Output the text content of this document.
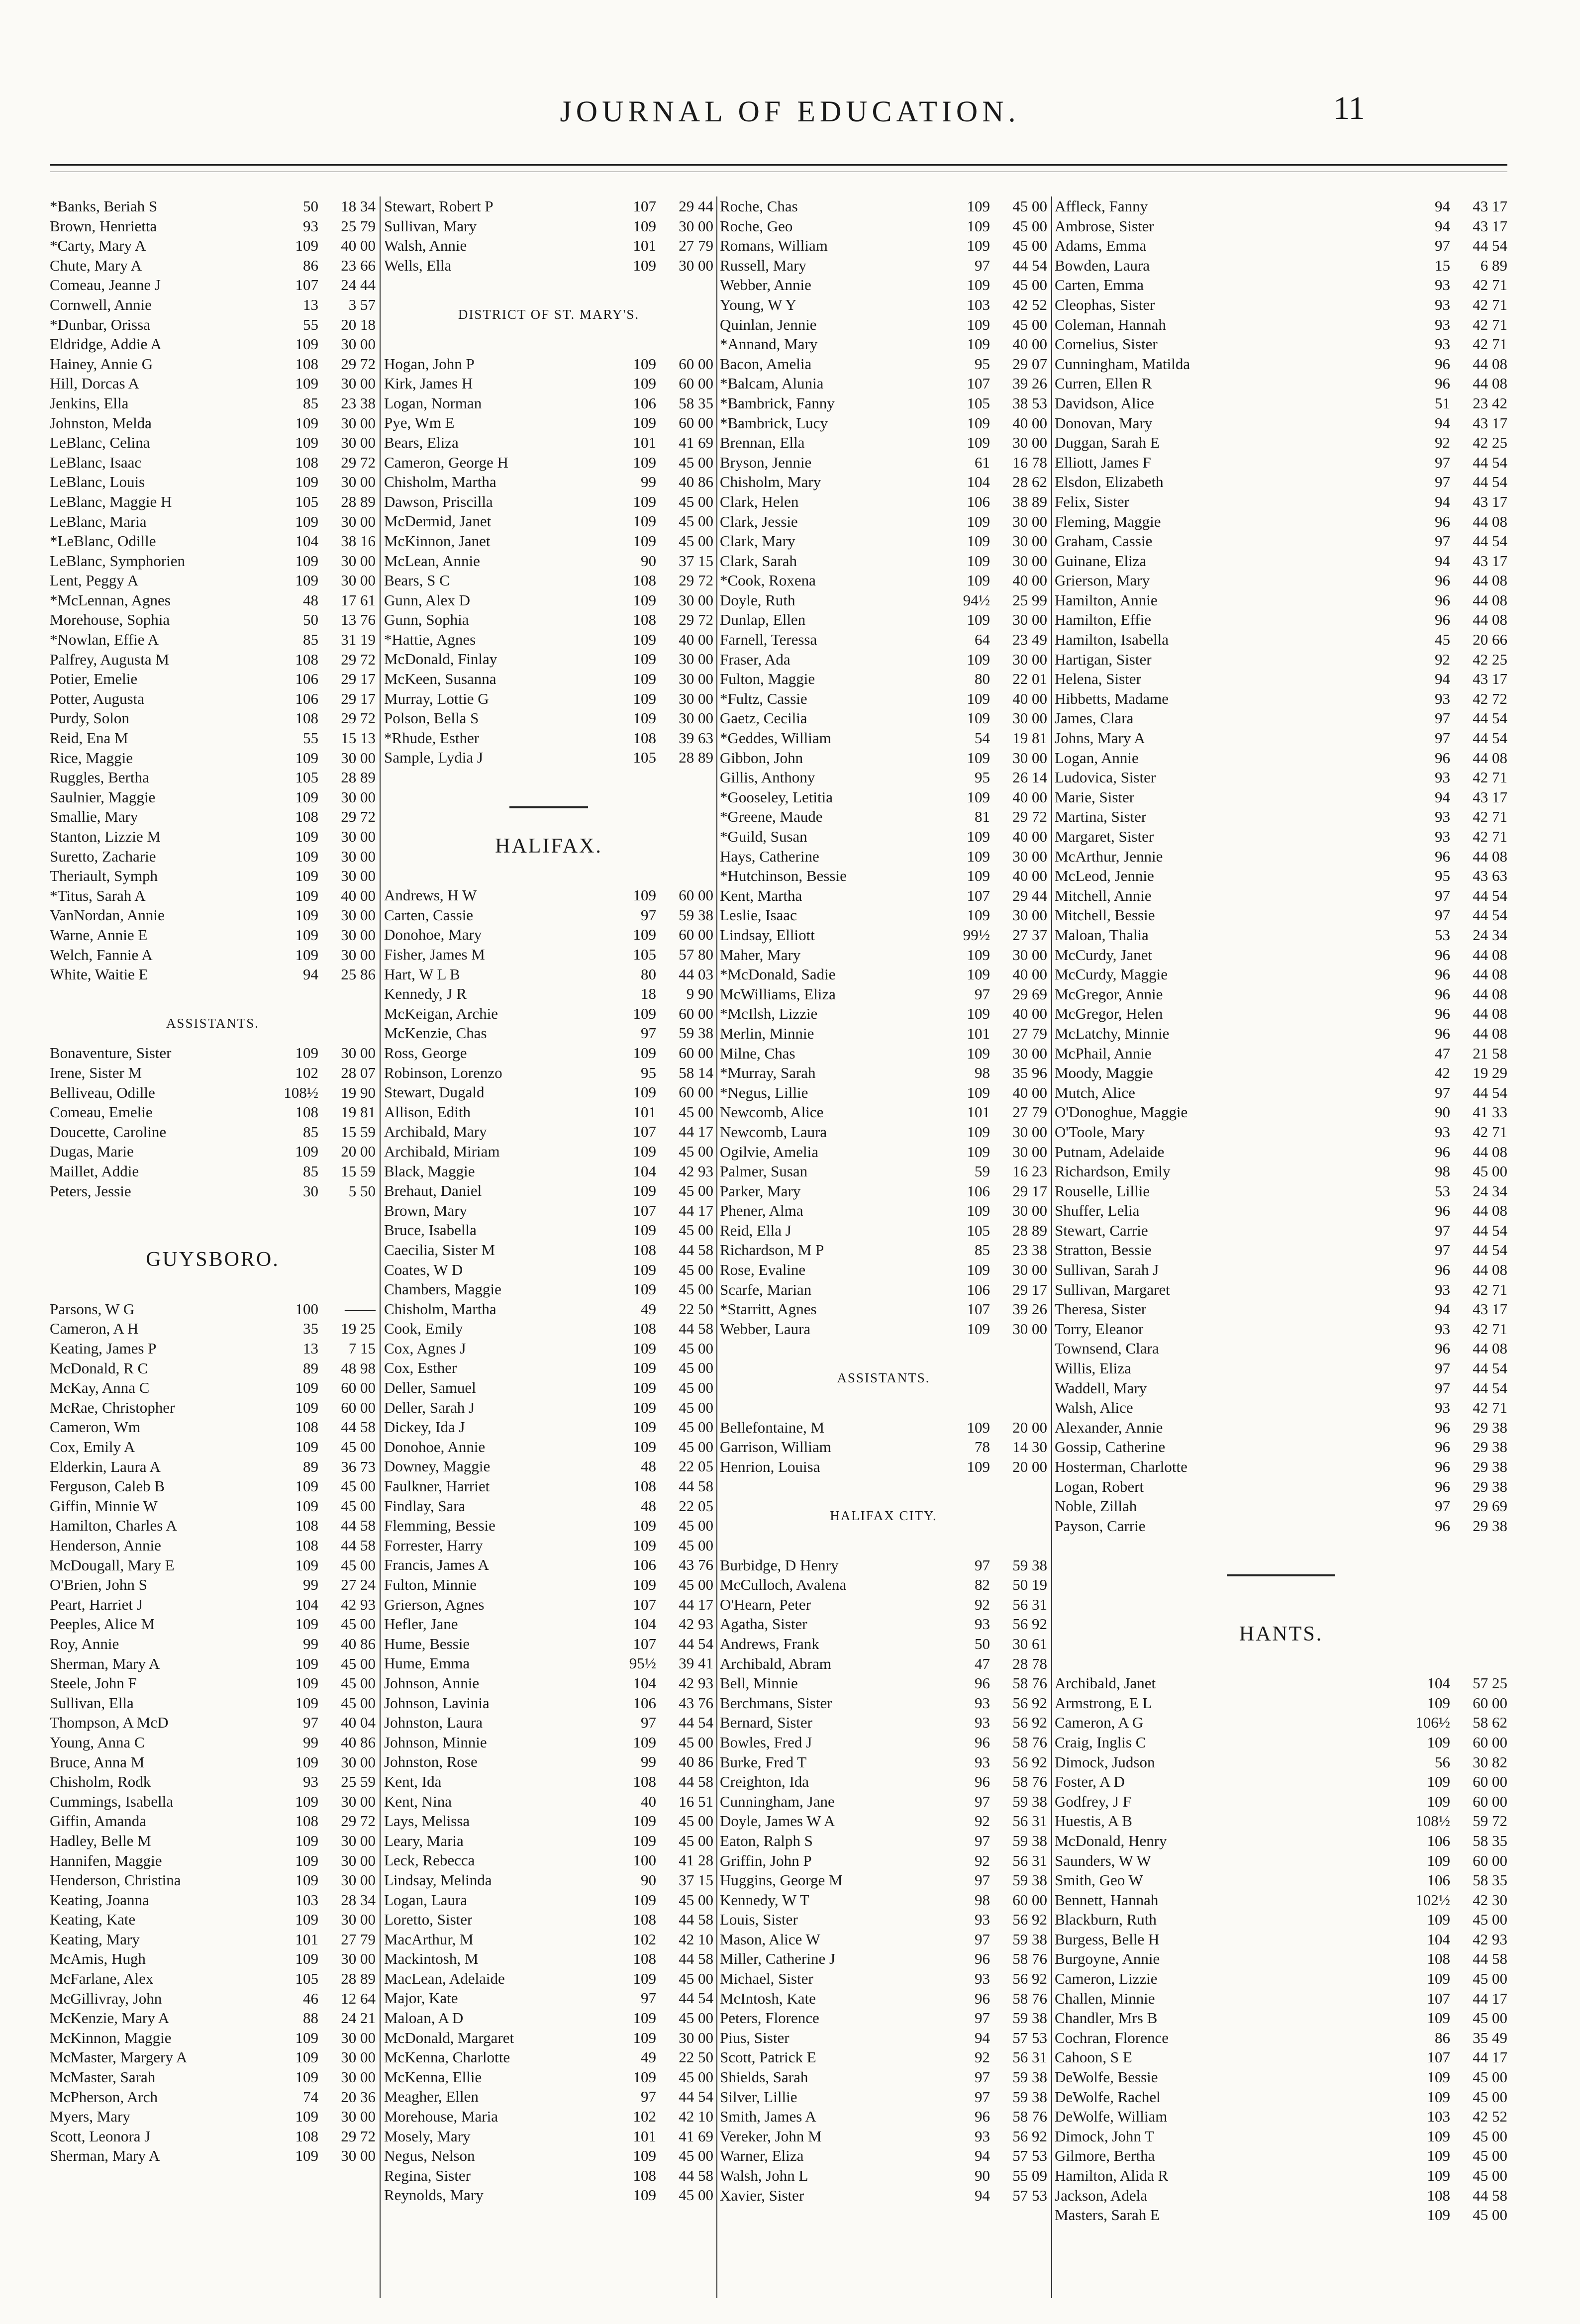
JOURNAL OF EDUCATION.	11
*Banks, Beriah S	50	18 34
Brown, Henrietta	93	25 79
*Carty, Mary A	109	40 00
Chute, Mary A	86	23 66
Comeau, Jeanne J	107	24 44
Cornwell, Annie	13	3 57
*Dunbar, Orissa	55	20 18
Eldridge, Addie A	109	30 00
Hainey, Annie G	108	29 72
Hill, Dorcas A	109	30 00
Jenkins, Ella	85	23 38
Johnston, Melda	109	30 00
LeBlanc, Celina	109	30 00
LeBlanc, Isaac	108	29 72
LeBlanc, Louis	109	30 00
LeBlanc, Maggie H	105	28 89
LeBlanc, Maria	109	30 00
*LeBlanc, Odille	104	38 16
LeBlanc, Symphorien	109	30 00
Lent, Peggy A	109	30 00
*McLennan, Agnes	48	17 61
Morehouse, Sophia	50	13 76
*Nowlan, Effie A	85	31 19
Palfrey, Augusta M	108	29 72
Potier, Emelie	106	29 17
Potter, Augusta	106	29 17
Purdy, Solon	108	29 72
Reid, Ena M	55	15 13
Rice, Maggie	109	30 00
Ruggles, Bertha	105	28 89
Saulnier, Maggie	109	30 00
Smallie, Mary	108	29 72
Stanton, Lizzie M	109	30 00
Suretto, Zacharie	109	30 00
Theriault, Symph	109	30 00
*Titus, Sarah A	109	40 00
VanNordan, Annie	109	30 00
Warne, Annie E	109	30 00
Welch, Fannie A	109	30 00
White, Waitie E	94	25 86
ASSISTANTS.
Bonaventure, Sister	109	30 00
Irene, Sister M	102	28 07
Belliveau, Odille	108½	19 90
Comeau, Emelie	108	19 81
Doucette, Caroline	85	15 59
Dugas, Marie	109	20 00
Maillet, Addie	85	15 59
Peters, Jessie	30	5 50
GUYSBORO.
Parsons, W G	100	——
Cameron, A H	35	19 25
Keating, James P	13	7 15
McDonald, R C	89	48 98
McKay, Anna C	109	60 00
McRae, Christopher	109	60 00
Cameron, Wm	108	44 58
Cox, Emily A	109	45 00
Elderkin, Laura A	89	36 73
Ferguson, Caleb B	109	45 00
Giffin, Minnie W	109	45 00
Hamilton, Charles A	108	44 58
Henderson, Annie	108	44 58
McDougall, Mary E	109	45 00
O'Brien, John S	99	27 24
Peart, Harriet J	104	42 93
Peeples, Alice M	109	45 00
Roy, Annie	99	40 86
Sherman, Mary A	109	45 00
Steele, John F	109	45 00
Sullivan, Ella	109	45 00
Thompson, A McD	97	40 04
Young, Anna C	99	40 86
Bruce, Anna M	109	30 00
Chisholm, Rodk	93	25 59
Cummings, Isabella	109	30 00
Giffin, Amanda	108	29 72
Hadley, Belle M	109	30 00
Hannifen, Maggie	109	30 00
Henderson, Christina	109	30 00
Keating, Joanna	103	28 34
Keating, Kate	109	30 00
Keating, Mary	101	27 79
McAmis, Hugh	109	30 00
McFarlane, Alex	105	28 89
McGillivray, John	46	12 64
McKenzie, Mary A	88	24 21
McKinnon, Maggie	109	30 00
McMaster, Margery A	109	30 00
McMaster, Sarah	109	30 00
McPherson, Arch	74	20 36
Myers, Mary	109	30 00
Scott, Leonora J	108	29 72
Sherman, Mary A	109	30 00
Stewart, Robert P	107	29 44
Sullivan, Mary	109	30 00
Walsh, Annie	101	27 79
Wells, Ella	109	30 00
DISTRICT OF ST. MARY'S.
Hogan, John P	109	60 00
Kirk, James H	109	60 00
Logan, Norman	106	58 35
Pye, Wm E	109	60 00
Bears, Eliza	101	41 69
Cameron, George H	109	45 00
Chisholm, Martha	99	40 86
Dawson, Priscilla	109	45 00
McDermid, Janet	109	45 00
McKinnon, Janet	109	45 00
McLean, Annie	90	37 15
Bears, S C	108	29 72
Gunn, Alex D	109	30 00
Gunn, Sophia	108	29 72
*Hattie, Agnes	109	40 00
McDonald, Finlay	109	30 00
McKeen, Susanna	109	30 00
Murray, Lottie G	109	30 00
Polson, Bella S	109	30 00
*Rhude, Esther	108	39 63
Sample, Lydia J	105	28 89
HALIFAX.
Andrews, H W	109	60 00
Carten, Cassie	97	59 38
Donohoe, Mary	109	60 00
Fisher, James M	105	57 80
Hart, W L B	80	44 03
Kennedy, J R	18	9 90
McKeigan, Archie	109	60 00
McKenzie, Chas	97	59 38
Ross, George	109	60 00
Robinson, Lorenzo	95	58 14
Stewart, Dugald	109	60 00
Allison, Edith	101	45 00
Archibald, Mary	107	44 17
Archibald, Miriam	109	45 00
Black, Maggie	104	42 93
Brehaut, Daniel	109	45 00
Brown, Mary	107	44 17
Bruce, Isabella	109	45 00
Caecilia, Sister M	108	44 58
Coates, W D	109	45 00
Chambers, Maggie	109	45 00
Chisholm, Martha	49	22 50
Cook, Emily	108	44 58
Cox, Agnes J	109	45 00
Cox, Esther	109	45 00
Deller, Samuel	109	45 00
Deller, Sarah J	109	45 00
Dickey, Ida J	109	45 00
Donohoe, Annie	109	45 00
Downey, Maggie	48	22 05
Faulkner, Harriet	108	44 58
Findlay, Sara	48	22 05
Flemming, Bessie	109	45 00
Forrester, Harry	109	45 00
Francis, James A	106	43 76
Fulton, Minnie	109	45 00
Grierson, Agnes	107	44 17
Hefler, Jane	104	42 93
Hume, Bessie	107	44 54
Hume, Emma	95½	39 41
Johnson, Annie	104	42 93
Johnson, Lavinia	106	43 76
Johnston, Laura	97	44 54
Johnson, Minnie	109	45 00
Johnston, Rose	99	40 86
Kent, Ida	108	44 58
Kent, Nina	40	16 51
Lays, Melissa	109	45 00
Leary, Maria	109	45 00
Leck, Rebecca	100	41 28
Lindsay, Melinda	90	37 15
Logan, Laura	109	45 00
Loretto, Sister	108	44 58
MacArthur, M	102	42 10
Mackintosh, M	108	44 58
MacLean, Adelaide	109	45 00
Major, Kate	97	44 54
Maloan, A D	109	45 00
McDonald, Margaret	109	30 00
McKenna, Charlotte	49	22 50
McKenna, Ellie	109	45 00
Meagher, Ellen	97	44 54
Morehouse, Maria	102	42 10
Mosely, Mary	101	41 69
Negus, Nelson	109	45 00
Regina, Sister	108	44 58
Reynolds, Mary	109	45 00
Roche, Chas	109	45 00
Roche, Geo	109	45 00
Romans, William	109	45 00
Russell, Mary	97	44 54
Webber, Annie	109	45 00
Young, W Y	103	42 52
Quinlan, Jennie	109	45 00
*Annand, Mary	109	40 00
Bacon, Amelia	95	29 07
*Balcam, Alunia	107	39 26
*Bambrick, Fanny	105	38 53
*Bambrick, Lucy	109	40 00
Brennan, Ella	109	30 00
Bryson, Jennie	61	16 78
Chisholm, Mary	104	28 62
Clark, Helen	106	38 89
Clark, Jessie	109	30 00
Clark, Mary	109	30 00
Clark, Sarah	109	30 00
*Cook, Roxena	109	40 00
Doyle, Ruth	94½	25 99
Dunlap, Ellen	109	30 00
Farnell, Teressa	64	23 49
Fraser, Ada	109	30 00
Fulton, Maggie	80	22 01
*Fultz, Cassie	109	40 00
Gaetz, Cecilia	109	30 00
*Geddes, William	54	19 81
Gibbon, John	109	30 00
Gillis, Anthony	95	26 14
*Gooseley, Letitia	109	40 00
*Greene, Maude	81	29 72
*Guild, Susan	109	40 00
Hays, Catherine	109	30 00
*Hutchinson, Bessie	109	40 00
Kent, Martha	107	29 44
Leslie, Isaac	109	30 00
Lindsay, Elliott	99½	27 37
Maher, Mary	109	30 00
*McDonald, Sadie	109	40 00
McWilliams, Eliza	97	29 69
*McIlsh, Lizzie	109	40 00
Merlin, Minnie	101	27 79
Milne, Chas	109	30 00
*Murray, Sarah	98	35 96
*Negus, Lillie	109	40 00
Newcomb, Alice	101	27 79
Newcomb, Laura	109	30 00
Ogilvie, Amelia	109	30 00
Palmer, Susan	59	16 23
Parker, Mary	106	29 17
Phener, Alma	109	30 00
Reid, Ella J	105	28 89
Richardson, M P	85	23 38
Rose, Evaline	109	30 00
Scarfe, Marian	106	29 17
*Starritt, Agnes	107	39 26
Webber, Laura	109	30 00
ASSISTANTS.
Bellefontaine, M	109	20 00
Garrison, William	78	14 30
Henrion, Louisa	109	20 00
HALIFAX CITY.
Burbidge, D Henry	97	59 38
McCulloch, Avalena	82	50 19
O'Hearn, Peter	92	56 31
Agatha, Sister	93	56 92
Andrews, Frank	50	30 61
Archibald, Abram	47	28 78
Bell, Minnie	96	58 76
Berchmans, Sister	93	56 92
Bernard, Sister	93	56 92
Bowles, Fred J	96	58 76
Burke, Fred T	93	56 92
Creighton, Ida	96	58 76
Cunningham, Jane	97	59 38
Doyle, James W A	92	56 31
Eaton, Ralph S	97	59 38
Griffin, John P	92	56 31
Huggins, George M	97	59 38
Kennedy, W T	98	60 00
Louis, Sister	93	56 92
Mason, Alice W	97	59 38
Miller, Catherine J	96	58 76
Michael, Sister	93	56 92
McIntosh, Kate	96	58 76
Peters, Florence	97	59 38
Pius, Sister	94	57 53
Scott, Patrick E	92	56 31
Shields, Sarah	97	59 38
Silver, Lillie	97	59 38
Smith, James A	96	58 76
Vereker, John M	93	56 92
Warner, Eliza	94	57 53
Walsh, John L	90	55 09
Xavier, Sister	94	57 53
Affleck, Fanny	94	43 17
Ambrose, Sister	94	43 17
Adams, Emma	97	44 54
Bowden, Laura	15	6 89
Carten, Emma	93	42 71
Cleophas, Sister	93	42 71
Coleman, Hannah	93	42 71
Cornelius, Sister	93	42 71
Cunningham, Matilda	96	44 08
Curren, Ellen R	96	44 08
Davidson, Alice	51	23 42
Donovan, Mary	94	43 17
Duggan, Sarah E	92	42 25
Elliott, James F	97	44 54
Elsdon, Elizabeth	97	44 54
Felix, Sister	94	43 17
Fleming, Maggie	96	44 08
Graham, Cassie	97	44 54
Guinane, Eliza	94	43 17
Grierson, Mary	96	44 08
Hamilton, Annie	96	44 08
Hamilton, Effie	96	44 08
Hamilton, Isabella	45	20 66
Hartigan, Sister	92	42 25
Helena, Sister	94	43 17
Hibbetts, Madame	93	42 72
James, Clara	97	44 54
Johns, Mary A	97	44 54
Logan, Annie	96	44 08
Ludovica, Sister	93	42 71
Marie, Sister	94	43 17
Martina, Sister	93	42 71
Margaret, Sister	93	42 71
McArthur, Jennie	96	44 08
McLeod, Jennie	95	43 63
Mitchell, Annie	97	44 54
Mitchell, Bessie	97	44 54
Maloan, Thalia	53	24 34
McCurdy, Janet	96	44 08
McCurdy, Maggie	96	44 08
McGregor, Annie	96	44 08
McGregor, Helen	96	44 08
McLatchy, Minnie	96	44 08
McPhail, Annie	47	21 58
Moody, Maggie	42	19 29
Mutch, Alice	97	44 54
O'Donoghue, Maggie	90	41 33
O'Toole, Mary	93	42 71
Putnam, Adelaide	96	44 08
Richardson, Emily	98	45 00
Rouselle, Lillie	53	24 34
Shuffer, Lelia	96	44 08
Stewart, Carrie	97	44 54
Stratton, Bessie	97	44 54
Sullivan, Sarah J	96	44 08
Sullivan, Margaret	93	42 71
Theresa, Sister	94	43 17
Torry, Eleanor	93	42 71
Townsend, Clara	96	44 08
Willis, Eliza	97	44 54
Waddell, Mary	97	44 54
Walsh, Alice	93	42 71
Alexander, Annie	96	29 38
Gossip, Catherine	96	29 38
Hosterman, Charlotte	96	29 38
Logan, Robert	96	29 38
Noble, Zillah	97	29 69
Payson, Carrie	96	29 38
HANTS.
Archibald, Janet	104	57 25
Armstrong, E L	109	60 00
Cameron, A G	106½	58 62
Craig, Inglis C	109	60 00
Dimock, Judson	56	30 82
Foster, A D	109	60 00
Godfrey, J F	109	60 00
Huestis, A B	108½	59 72
McDonald, Henry	106	58 35
Saunders, W W	109	60 00
Smith, Geo W	106	58 35
Bennett, Hannah	102½	42 30
Blackburn, Ruth	109	45 00
Burgess, Belle H	104	42 93
Burgoyne, Annie	108	44 58
Cameron, Lizzie	109	45 00
Challen, Minnie	107	44 17
Chandler, Mrs B	109	45 00
Cochran, Florence	86	35 49
Cahoon, S E	107	44 17
DeWolfe, Bessie	109	45 00
DeWolfe, Rachel	109	45 00
DeWolfe, William	103	42 52
Dimock, John T	109	45 00
Gilmore, Bertha	109	45 00
Hamilton, Alida R	109	45 00
Jackson, Adela	108	44 58
Masters, Sarah E	109	45 00
